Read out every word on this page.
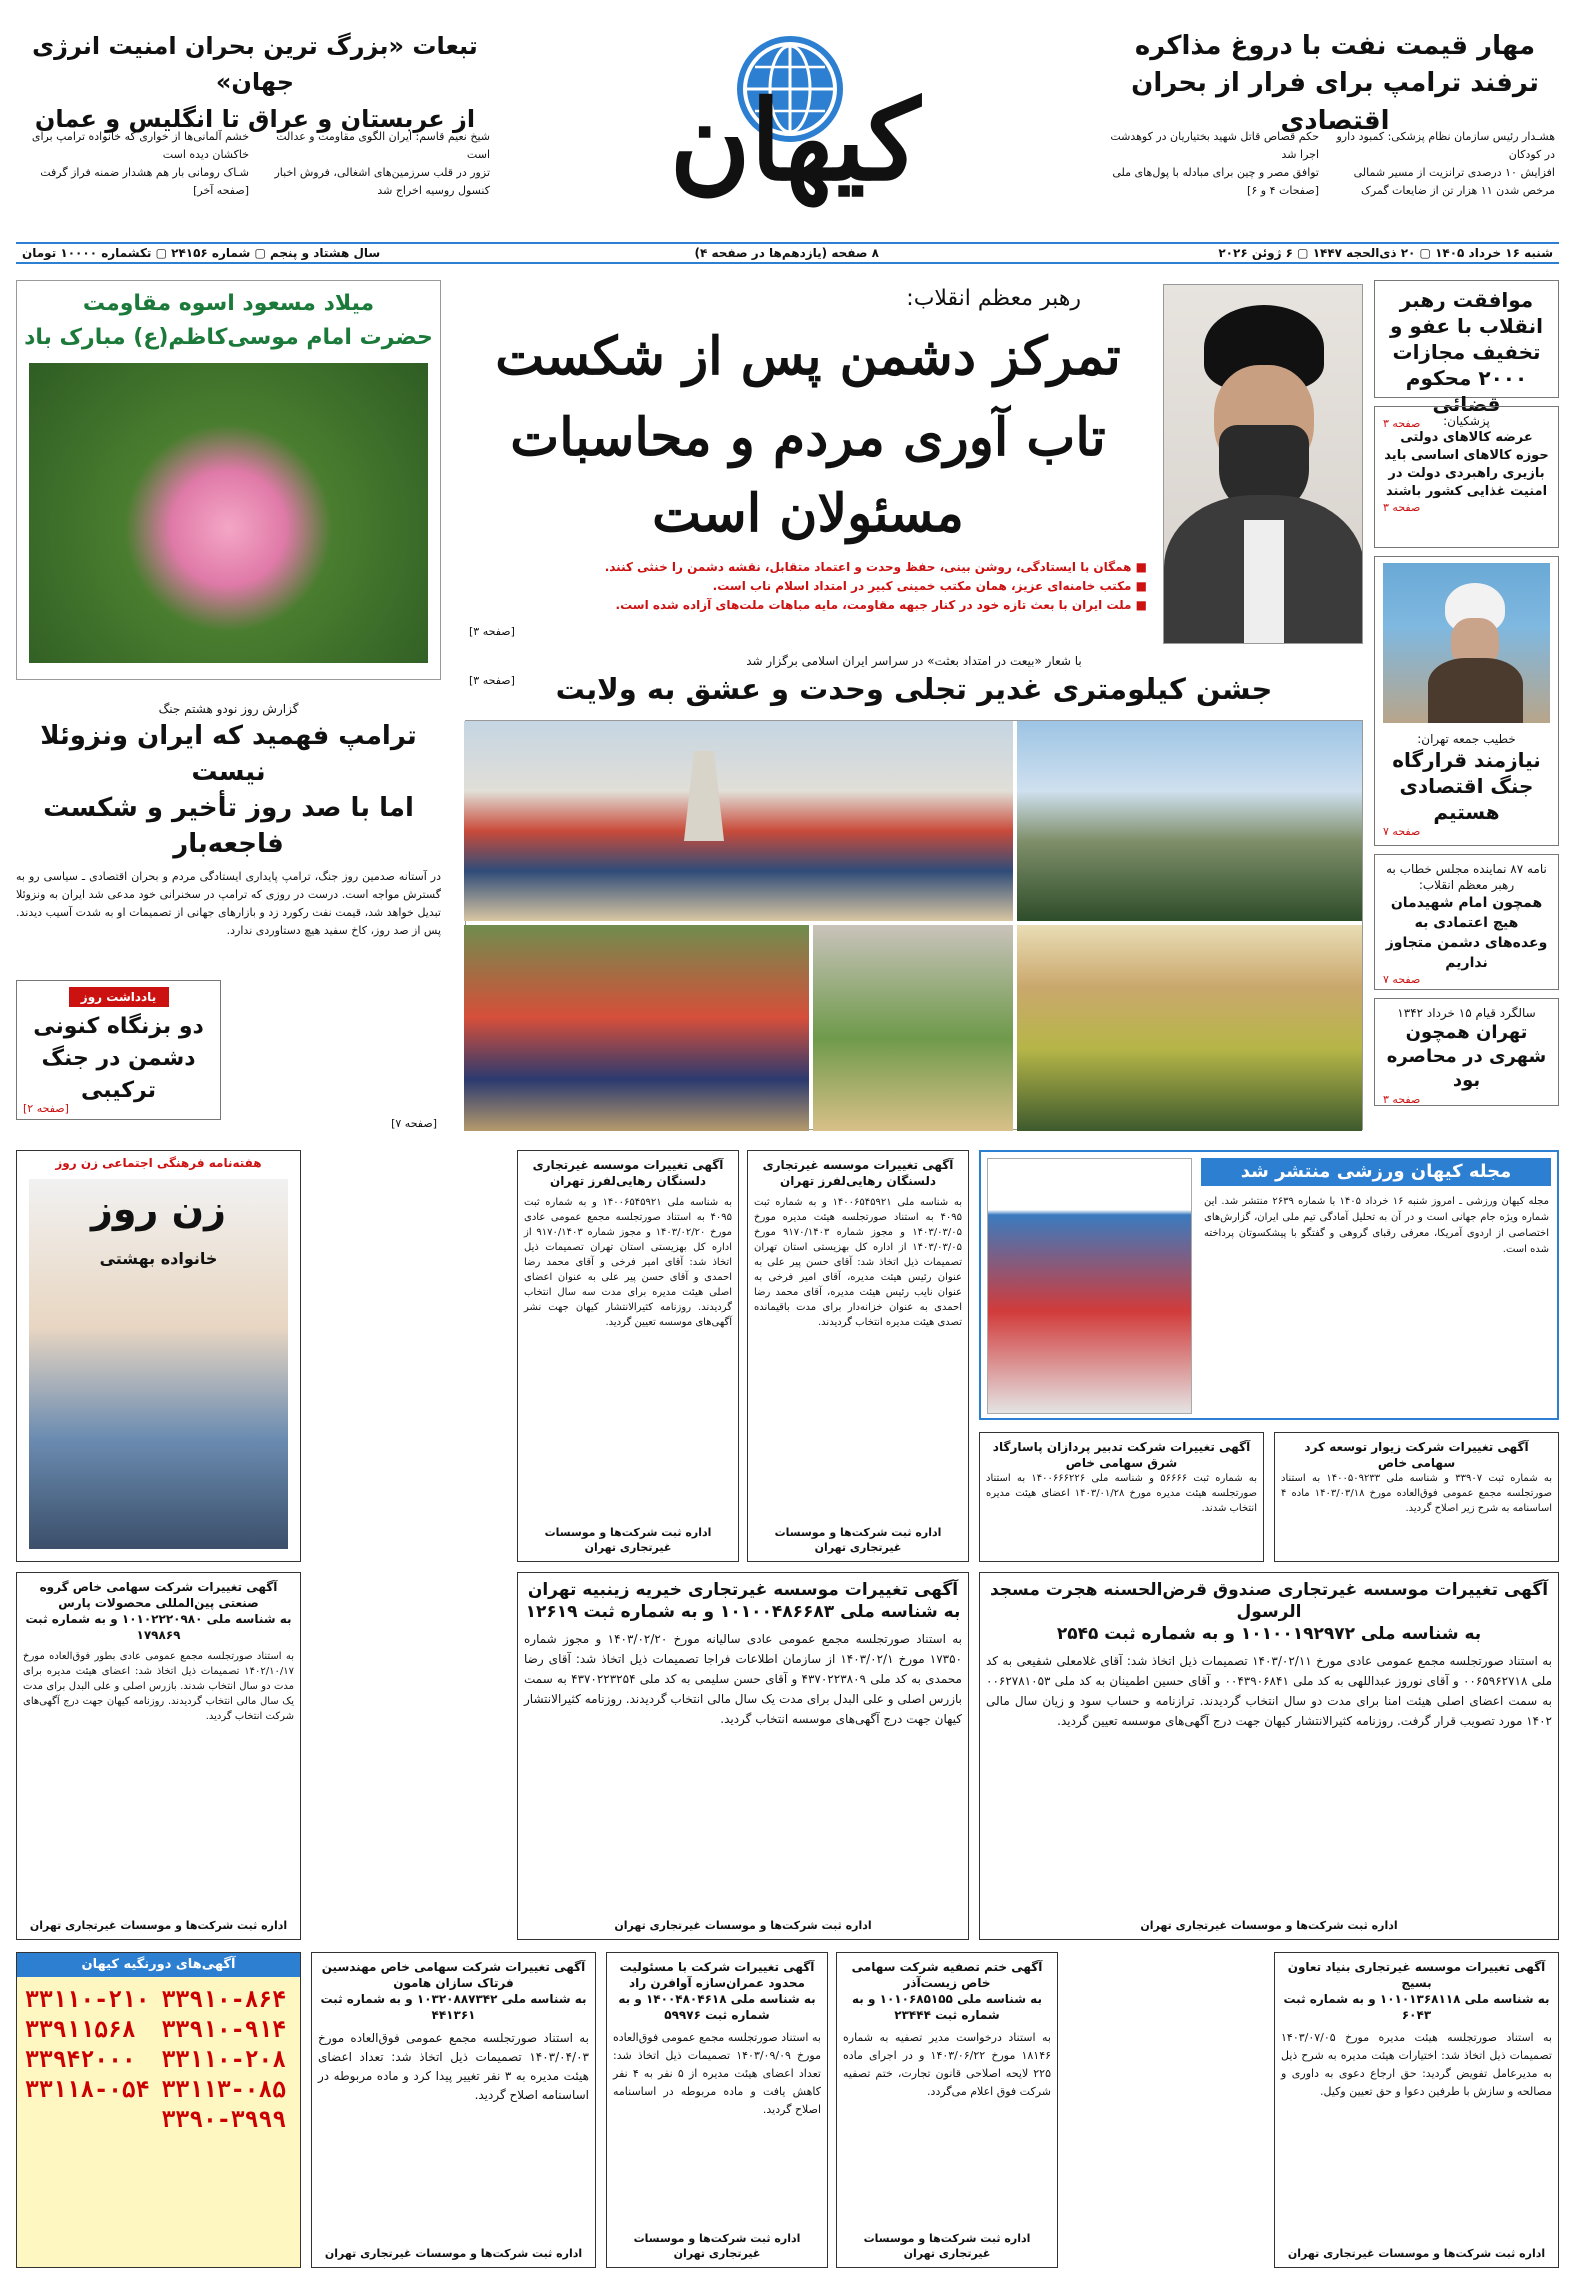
مهار قیمت نفت با دروغ مذاکره
ترفند ترامپ برای فرار از بحران اقتصادی
کیهان
تبعات «بزرگ ترین بحران امنیت انرژی جهان»
از عربستان و عراق تا انگلیس و عمان
هشـدار رئیس سازمان نظام پزشکی: کمبود دارو در کودکان
حکم قصاص قاتل شهید بختیاریان در کوهدشت اجرا شد
افزایش ۱۰ درصدی ترانزیت از مسیر شمالی
توافق مصر و چین برای مبادله با پول‌های ملی
مرخص شدن ۱۱ هزار تن از ضایعات گمرک
[صفحات ۴ و ۶]
شیخ نعیم قاسم: ایران الگوی مقاومت و عدالت است
خشم آلمانی‌ها از خواری که خانواده ترامپ برای خاکشان دیده است
تزور در قلب سرزمین‌های اشغالی، فروش اخبار
شـاک رومانی بار هم هشدار ضمنه فراز گرفت
کنسول روسیه اخراج شد
[صفحه آخر]
شنبه ۱۶ خرداد ۱۴۰۵ ▢ ۲۰ ذی‌الحجه ۱۴۴۷ ▢ ۶ ژوئن ۲۰۲۶
۸ صفحه (یازدهم‌ها در صفحه ۴)
سال هشتاد و پنجم ▢ شماره ۲۴۱۵۶ ▢ تکشماره ۱۰۰۰۰ تومان
موافقت رهبر انقلاب با عفو و تخفیف مجازات ۲۰۰۰ محکوم قضائی
صفحه ۳	پزشکیان:
عرضه کالاهای دولتی حوزه کالاهای اساسی باید بازیری راهبردی دولت در امنیت غذایی کشور باشند
صفحه ۳
خطیب جمعه تهران:
نیازمند قرارگاه جنگ اقتصادی هستیم
صفحه ۷
نامه ۸۷ نماینده مجلس خطاب به رهبر معظم انقلاب:
همچون امام شهیدمان هیچ اعتمادی به وعده‌های دشمن متجاوز نداریم
صفحه ۷
سالگرد قیام ۱۵ خرداد ۱۳۴۲
تهران همچون شهری در محاصره بود
صفحه ۳
رهبر معظم انقلاب:
تمرکز دشمن پس از شکست
تاب آوری مردم و محاسبات مسئولان است
■ همگان با ایستادگی، روشن بینی، حفظ وحدت و اعتماد متقابل، نقشه دشمن را خنثی کنند.
■ مکتب خامنه‌ای عزیز، همان مکتب خمینی کبیر در امتداد اسلام ناب است.
■ ملت ایران با بعث تازه خود در کنار جبهه مقاومت، مایه مباهات ملت‌های آزاده شده است.
[صفحه ۳]
با شعار «بیعت در امتداد بعثت» در سراسر ایران اسلامی برگزار شد
جشن کیلومتری غدیر تجلی وحدت و عشق به ولایت
[صفحه ۳]
میلاد مسعود اسوه مقاومت
حضرت امام موسی‌کاظم(ع) مبارک باد
گزارش روز نودو هشتم جنگ
ترامپ فهمید که ایران ونزوئلا نیست
اما با صد روز تأخیر و شکست فاجعه‌بار
در آستانه صدمین روز جنگ، ترامپ پایداری ایستادگی مردم و بحران اقتصادی ـ سیاسی رو به گسترش مواجه است. درست در روزی که ترامپ در سخنرانی خود مدعی شد ایران به ونزوئلا تبدیل خواهد شد، قیمت نفت رکورد زد و بازارهای جهانی از تصمیمات او به شدت آسیب دیدند. پس از صد روز، کاخ سفید هیچ دستاوردی ندارد.
یادداشت روز
دو بزنگاه کنونی دشمن در جنگ ترکیبی
[صفحه ۲]
[صفحه ۷]
مجله کیهان ورزشی منتشر شد
مجله کیهان ورزشی ـ امروز شنبه ۱۶ خرداد ۱۴۰۵ با شماره ۲۶۳۹ منتشر شد. این شماره ویژه جام جهانی است و در آن به تحلیل آمادگی تیم ملی ایران، گزارش‌های اختصاصی از اردوی آمریکا، معرفی رقبای گروهی و گفتگو با پیشکسوتان پرداخته شده است.
آگهی تغییرات موسسه غیرتجاری دلسنگان رهایی‌لفرز تهران
به شناسه ملی ۱۴۰۰۶۵۴۵۹۲۱ و به شماره ثبت ۴۰۹۵ به استناد صورتجلسه هیئت مدیره مورخ ۱۴۰۳/۰۳/۰۵ و مجوز شماره ۹۱۷۰/۱۴۰۳ مورخ ۱۴۰۳/۰۳/۰۵ از اداره کل بهزیستی استان تهران تصمیمات ذیل اتخاذ شد: آقای حسن پیر علی به عنوان رئیس هیئت مدیره، آقای امیر فرخی به عنوان نایب رئیس هیئت مدیره، آقای محمد رضا احمدی به عنوان خزانه‌دار برای مدت باقیمانده تصدی هیئت مدیره انتخاب گردیدند.
اداره ثبت شرکت‌ها و موسسات غیرتجاری تهران
آگهی تغییرات موسسه غیرتجاری دلسنگان رهایی‌لفرز تهران
به شناسه ملی ۱۴۰۰۶۵۴۵۹۲۱ و به شماره ثبت ۴۰۹۵ به استناد صورتجلسه مجمع عمومی عادی مورخ ۱۴۰۳/۰۲/۲۰ و مجوز شماره ۹۱۷۰/۱۴۰۳ از اداره کل بهزیستی استان تهران تصمیمات ذیل اتخاذ شد: آقای امیر فرخی و آقای محمد رضا احمدی و آقای حسن پیر علی به عنوان اعضای اصلی هیئت مدیره برای مدت سه سال انتخاب گردیدند. روزنامه کثیرالانتشار کیهان جهت نشر آگهی‌های موسسه تعیین گردید.
اداره ثبت شرکت‌ها و موسسات غیرتجاری تهران
هفته‌نامه فرهنگی اجتماعی زن روز
زن روز
خانواده بهشتی
آگهی تغییرات شرکت زیوار توسعه کرد سهامی خاص
به شماره ثبت ۳۳۹۰۷ و شناسه ملی ۱۴۰۰۵۰۹۲۳۳ به استناد صورتجلسه مجمع عمومی فوق‌العاده مورخ ۱۴۰۳/۰۳/۱۸ ماده ۴ اساسنامه به شرح زیر اصلاح گردید.
آگهی تغییرات شرکت تدبیر پردازان پاسارگاد شرق سهامی خاص
به شماره ثبت ۵۶۶۶۶ و شناسه ملی ۱۴۰۰۶۶۶۲۲۶ به استناد صورتجلسه هیئت مدیره مورخ ۱۴۰۳/۰۱/۲۸ اعضای هیئت مدیره انتخاب شدند.
آگهی تغییرات موسسه غیرتجاری صندوق قرض‌الحسنه هجرت مسجد الرسول
به شناسه ملی ۱۰۱۰۰۱۹۲۹۷۲ و به شماره ثبت ۲۵۴۵
به استناد صورتجلسه مجمع عمومی عادی مورخ ۱۴۰۳/۰۲/۱۱ تصمیمات ذیل اتخاذ شد: آقای غلامعلی شفیعی به کد ملی ۰۰۶۵۹۶۲۷۱۸ و آقای نوروز عبداللهی به کد ملی ۰۰۴۳۹۰۶۸۴۱ و آقای حسین اطمینان به کد ملی ۰۰۶۲۷۸۱۰۵۳ به سمت اعضای اصلی هیئت امنا برای مدت دو سال انتخاب گردیدند. ترازنامه و حساب سود و زیان سال مالی ۱۴۰۲ مورد تصویب قرار گرفت. روزنامه کثیرالانتشار کیهان جهت درج آگهی‌های موسسه تعیین گردید.
اداره ثبت شرکت‌ها و موسسات غیرتجاری تهران
آگهی تغییرات موسسه غیرتجاری خیریه زینبیه تهران
به شناسه ملی ۱۰۱۰۰۴۸۶۶۸۳ و به شماره ثبت ۱۲۶۱۹
به استناد صورتجلسه مجمع عمومی عادی سالیانه مورخ ۱۴۰۳/۰۲/۲۰ و مجوز شماره ۱۷۳۵۰ مورخ ۱۴۰۳/۰۲/۱ از سازمان اطلاعات فراجا تصمیمات ذیل اتخاذ شد: آقای رضا محمدی به کد ملی ۴۳۷۰۲۲۳۸۰۹ و آقای حسن سلیمی به کد ملی ۴۳۷۰۲۲۳۲۵۴ به سمت بازرس اصلی و علی البدل برای مدت یک سال مالی انتخاب گردیدند. روزنامه کثیرالانتشار کیهان جهت درج آگهی‌های موسسه انتخاب گردید.
اداره ثبت شرکت‌ها و موسسات غیرتجاری تهران
آگهی تغییرات شرکت سهامی خاص گروه صنعتی پین‌المللی محصولات پارس
به شناسه ملی ۱۰۱۰۲۲۲۰۹۸۰ و به شماره ثبت ۱۷۹۸۶۹
به استناد صورتجلسه مجمع عمومی عادی بطور فوق‌العاده مورخ ۱۴۰۲/۱۰/۱۷ تصمیمات ذیل اتخاذ شد: اعضای هیئت مدیره برای مدت دو سال انتخاب شدند. بازرس اصلی و علی البدل برای مدت یک سال مالی انتخاب گردیدند. روزنامه کیهان جهت درج آگهی‌های شرکت انتخاب گردید.
اداره ثبت شرکت‌ها و موسسات غیرتجاری تهران
آگهی‌های دورنگیه کیهان
۳۳۹۱۰-۸۶۴
۳۳۱۱۰-۲۱۰
۳۳۹۱۰-۹۱۴
۳۳۹۱۱۵۶۸
۳۳۱۱۰-۲۰۸
۳۳۹۴۲۰۰۰
۳۳۱۱۳-۰۸۵
۳۳۱۱۸-۰۵۴
۳۳۹۰-۳۹۹۹
آگهی تغییرات شرکت سهامی خاص مهندسین فرتاک سازان هامون
به شناسه ملی ۱۰۳۲۰۸۸۷۳۴۲ و به شماره ثبت ۴۴۱۳۶۱
به استناد صورتجلسه مجمع عمومی فوق‌العاده مورخ ۱۴۰۳/۰۴/۰۳ تصمیمات ذیل اتخاذ شد: تعداد اعضای هیئت مدیره به ۳ نفر تغییر پیدا کرد و ماده مربوطه در اساسنامه اصلاح گردید.
اداره ثبت شرکت‌ها و موسسات غیرتجاری تهران
آگهی تغییرات شرکت با مسئولیت محدود عمران‌سازه آوافرن راد
به شناسه ملی ۱۴۰۰۴۸۰۴۶۱۸ و به شماره ثبت ۵۹۹۷۶
به استناد صورتجلسه مجمع عمومی فوق‌العاده مورخ ۱۴۰۳/۰۹/۰۹ تصمیمات ذیل اتخاذ شد: تعداد اعضای هیئت مدیره از ۵ نفر به ۴ نفر کاهش یافت و ماده مربوطه در اساسنامه اصلاح گردید.
اداره ثبت شرکت‌ها و موسسات غیرتجاری تهران
آگهی ختم تصفیه شرکت سهامی خاص زیست‌آذر
به شناسه ملی ۱۰۱۰۶۸۵۱۵۵ و به شماره ثبت ۲۳۴۴۴
به استناد درخواست مدیر تصفیه به شماره ۱۸۱۴۶ مورخ ۱۴۰۳/۰۶/۲۲ و در اجرای ماده ۲۲۵ لایحه اصلاحی قانون تجارت، ختم تصفیه شرکت فوق اعلام می‌گردد.
اداره ثبت شرکت‌ها و موسسات غیرتجاری تهران
آگهی تغییرات موسسه غیرتجاری بنیاد تعاون بسیج
به شناسه ملی ۱۰۱۰۱۳۶۸۱۱۸ و به شماره ثبت ۶۰۴۳
به استناد صورتجلسه هیئت مدیره مورخ ۱۴۰۳/۰۷/۰۵ تصمیمات ذیل اتخاذ شد: اختیارات هیئت مدیره به شرح ذیل به مدیرعامل تفویض گردید: حق ارجاع دعوی به داوری و مصالحه و سازش با طرفین دعوا و حق تعیین وکیل.
اداره ثبت شرکت‌ها و موسسات غیرتجاری تهران
